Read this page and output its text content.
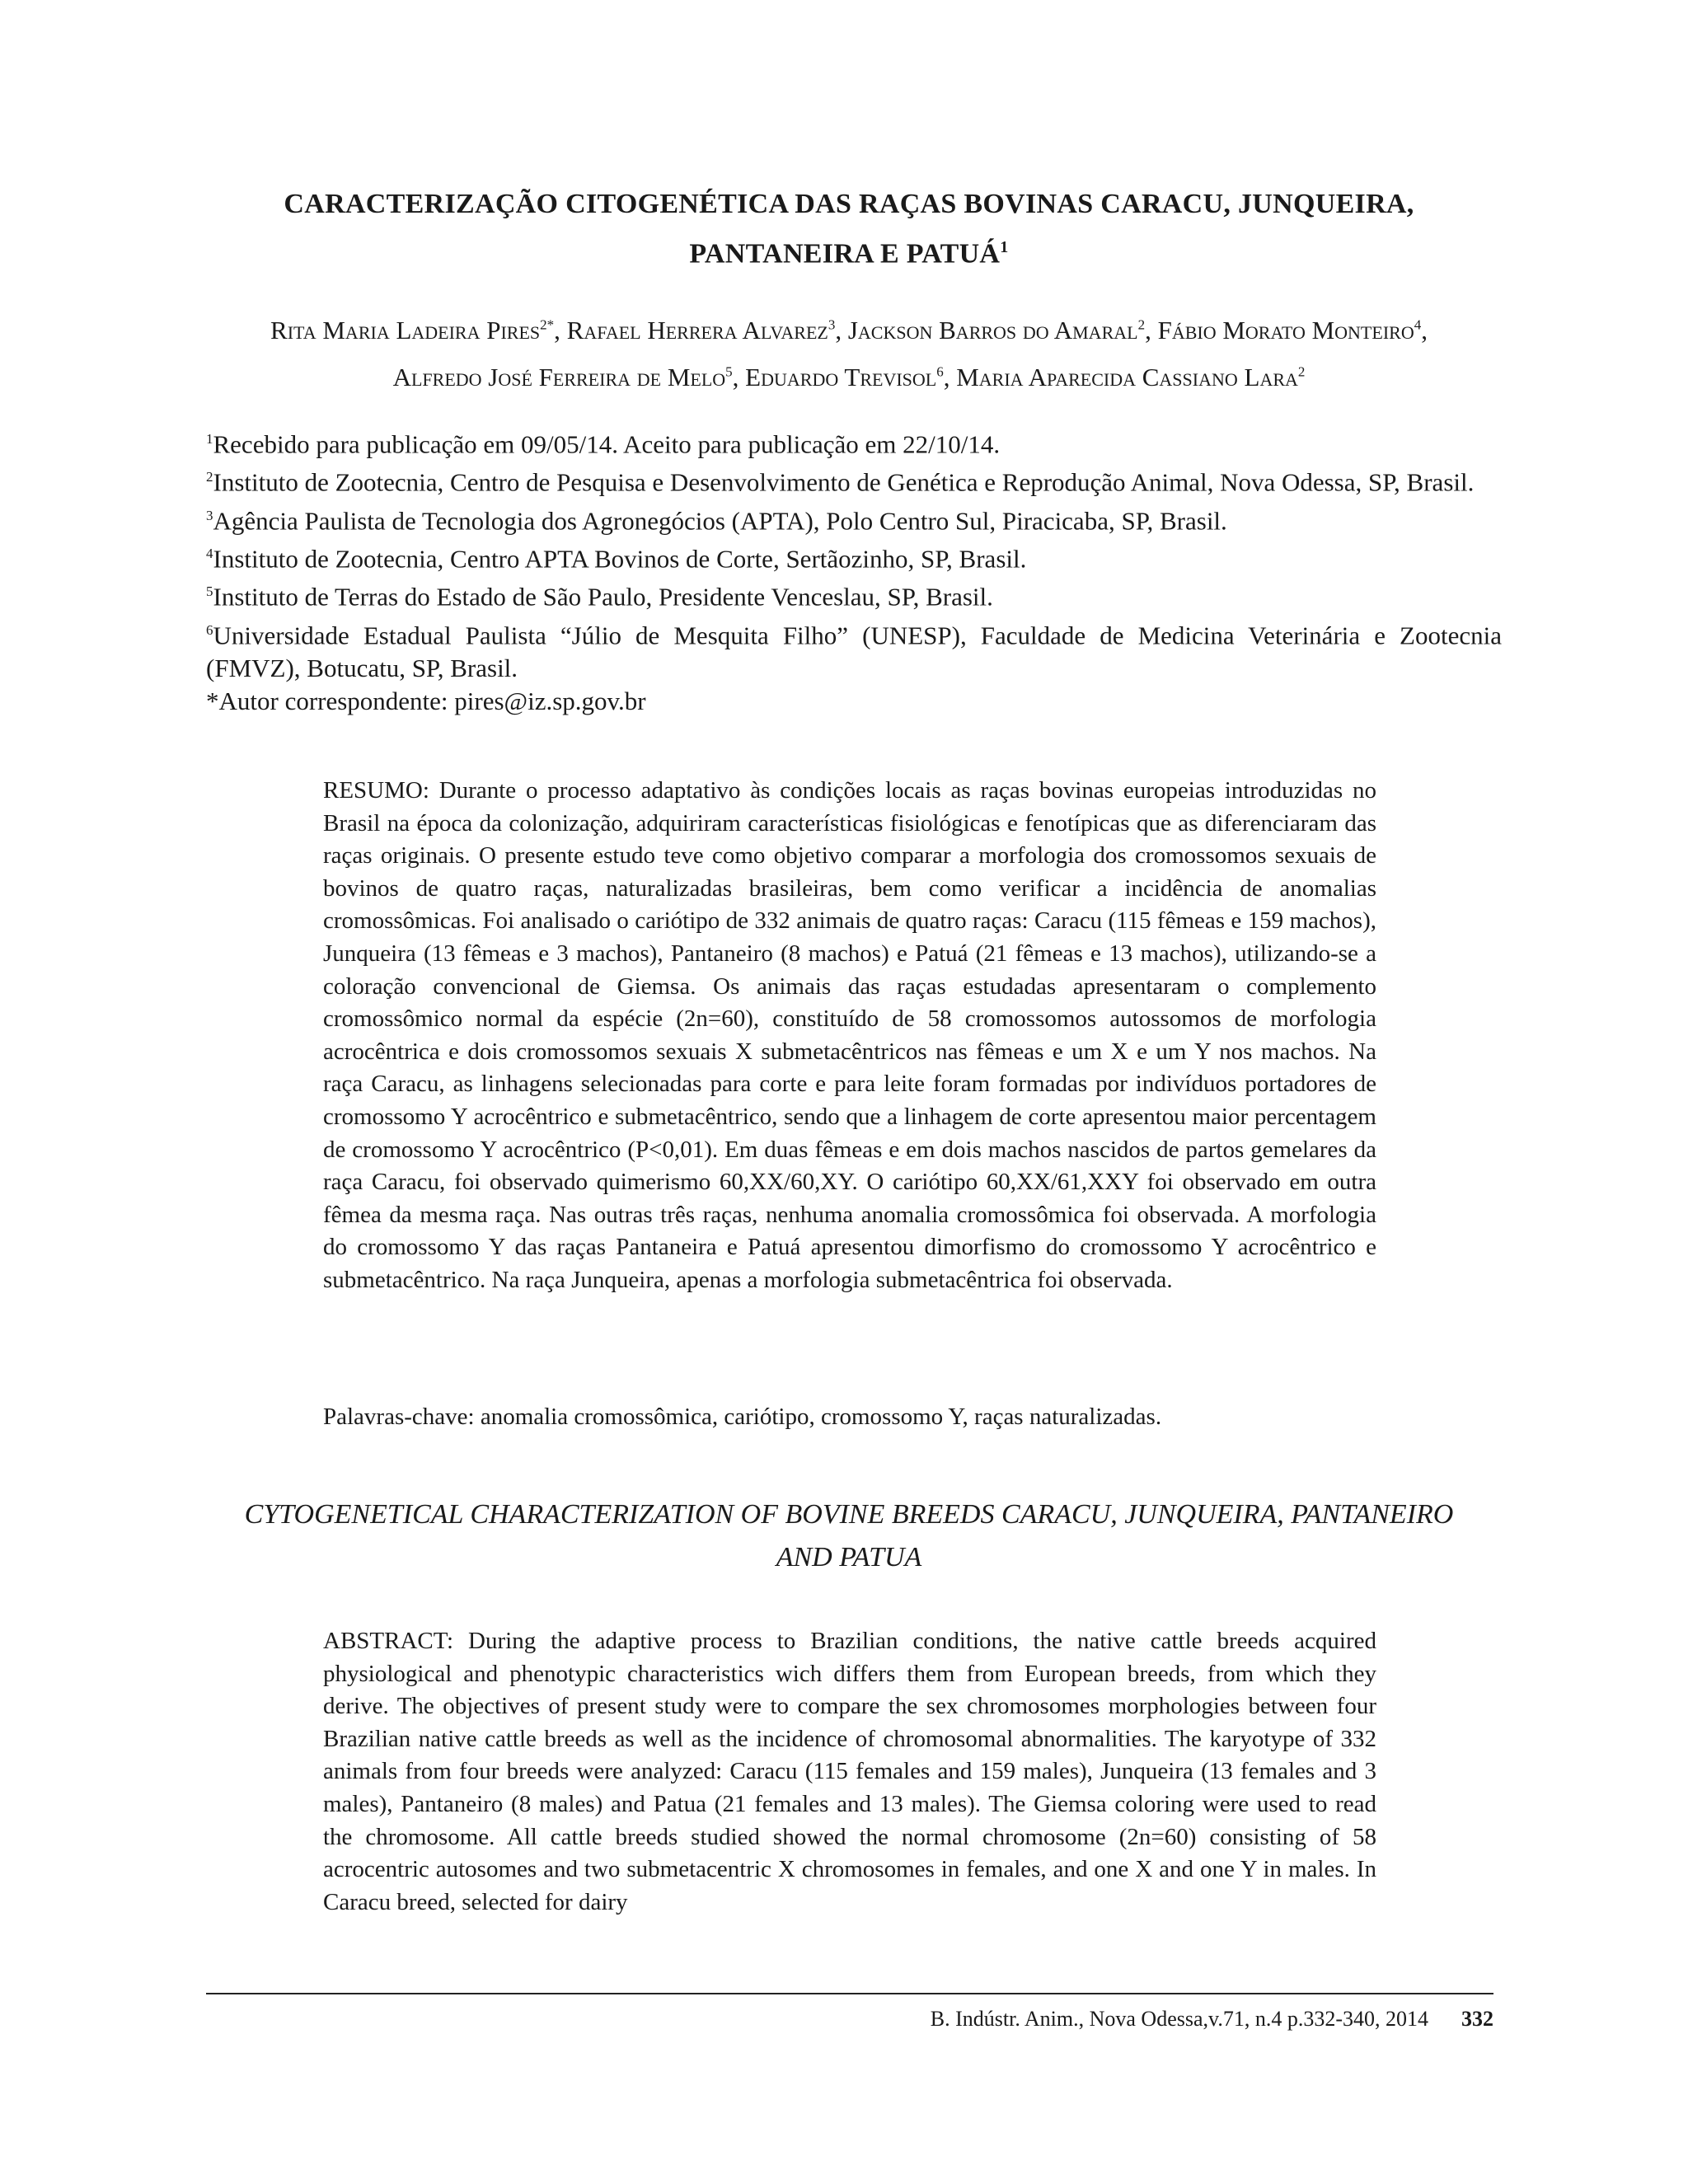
CARACTERIZAÇÃO CITOGENÉTICA DAS RAÇAS BOVINAS CARACU, JUNQUEIRA,
PANTANEIRA E PATUÁ$^1$
Rita Maria Ladeira Pires$^{2*}$, Rafael Herrera Alvarez$^3$, Jackson Barros do Amaral$^2$, Fábio Morato Monteiro$^4$,
Alfredo José Ferreira de Melo$^5$, Eduardo Trevisol$^6$, Maria Aparecida Cassiano Lara$^2$

$^1$Recebido para publicação em 09/05/14. Aceito para publicação em 22/10/14.

$^2$Instituto de Zootecnia, Centro de Pesquisa e Desenvolvimento de Genética e Reprodução Animal, Nova Odessa, SP, Brasil.

$^3$Agência Paulista de Tecnologia dos Agronegócios (APTA), Polo Centro Sul, Piracicaba, SP, Brasil.

$^4$Instituto de Zootecnia, Centro APTA Bovinos de Corte, Sertãozinho, SP, Brasil.

$^5$Instituto de Terras do Estado de São Paulo, Presidente Venceslau, SP, Brasil.

$^6$Universidade Estadual Paulista “Júlio de Mesquita Filho” (UNESP), Faculdade de Medicina Veterinária e Zootecnia (FMVZ), Botucatu, SP, Brasil.

*Autor correspondente: pires@iz.sp.gov.br

RESUMO: Durante o processo adaptativo às condições locais as raças bovinas europeias introduzidas no Brasil na época da colonização, adquiriram características fisiológicas e fenotípicas que as diferenciaram das raças originais. O presente estudo teve como objetivo comparar a morfologia dos cromossomos sexuais de bovinos de quatro raças, naturalizadas brasileiras, bem como verificar a incidência de anomalias cromossômicas. Foi analisado o cariótipo de 332 animais de quatro raças: Caracu (115 fêmeas e 159 machos), Junqueira (13 fêmeas e 3 machos), Pantaneiro (8 machos) e Patuá (21 fêmeas e 13 machos), utilizando-se a coloração convencional de Giemsa. Os animais das raças estudadas apresentaram o complemento cromossômico normal da espécie (2n=60), constituído de 58 cromossomos autossomos de morfologia acrocêntrica e dois cromossomos sexuais X submetacêntricos nas fêmeas e um X e um Y nos machos. Na raça Caracu, as linhagens selecionadas para corte e para leite foram formadas por indivíduos portadores de cromossomo Y acrocêntrico e submetacêntrico, sendo que a linhagem de corte apresentou maior percentagem de cromossomo Y acrocêntrico (P<0,01). Em duas fêmeas e em dois machos nascidos de partos gemelares da raça Caracu, foi observado quimerismo 60,XX/60,XY. O cariótipo 60,XX/61,XXY foi observado em outra fêmea da mesma raça. Nas outras três raças, nenhuma anomalia cromossômica foi observada. A morfologia do cromossomo Y das raças Pantaneira e Patuá apresentou dimorfismo do cromossomo Y acrocêntrico e submetacêntrico. Na raça Junqueira, apenas a morfologia submetacêntrica foi observada.

Palavras-chave: anomalia cromossômica, cariótipo, cromossomo Y, raças naturalizadas.

CYTOGENETICAL CHARACTERIZATION OF BOVINE BREEDS CARACU, JUNQUEIRA, PANTANEIRO
AND PATUA

ABSTRACT: During the adaptive process to Brazilian conditions, the native cattle breeds acquired physiological and phenotypic characteristics wich differs them from European breeds, from which they derive. The objectives of present study were to compare the sex chromosomes morphologies between four Brazilian native cattle breeds as well as the incidence of chromosomal abnormalities. The karyotype of 332 animals from four breeds were analyzed: Caracu (115 females and 159 males), Junqueira (13 females and 3 males), Pantaneiro (8 males) and Patua (21 females and 13 males). The Giemsa coloring were used to read the chromosome. All cattle breeds studied showed the normal chromosome (2n=60) consisting of 58 acrocentric autosomes and two submetacentric X chromosomes in females, and one X and one Y in males. In Caracu breed, selected for dairy

B. Indústr. Anim., Nova Odessa,v.71, n.4 p.332-340, 2014 332
